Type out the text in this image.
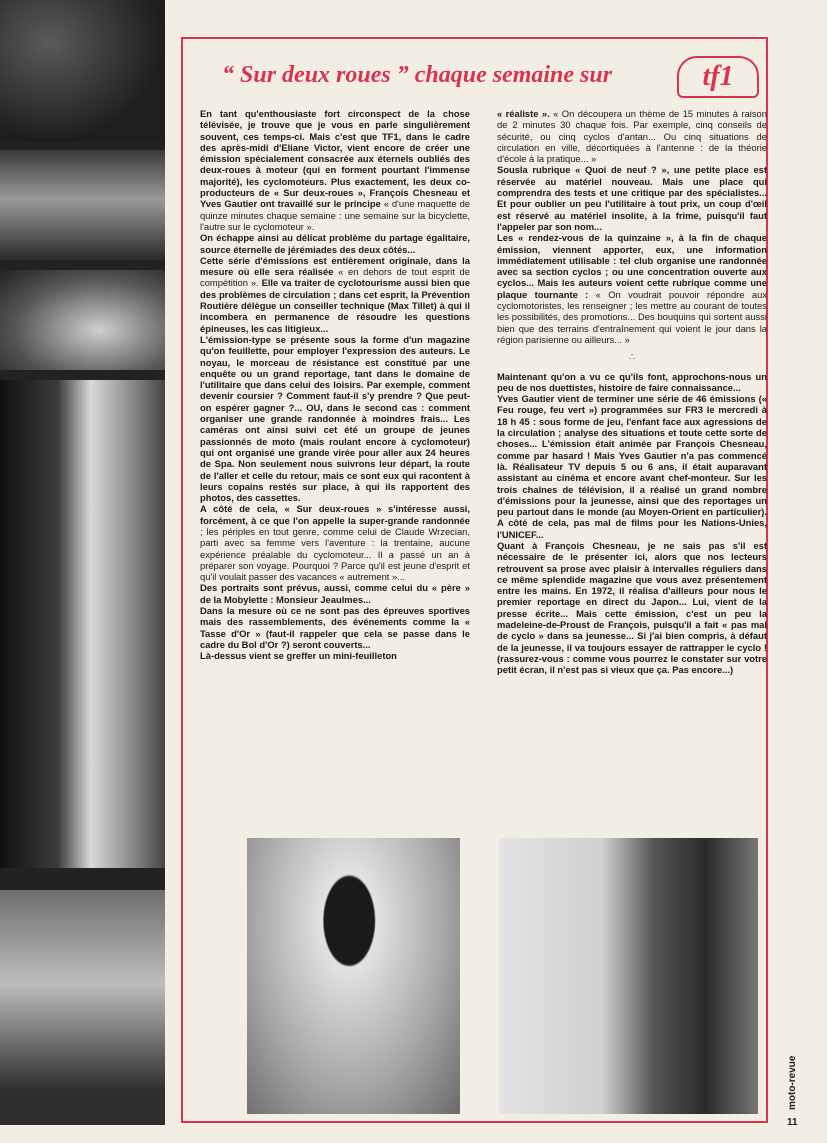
“ Sur deux roues ” chaque semaine sur	tf1

En tant qu'enthousiaste fort circonspect de la chose télévisée, je trouve que je vous en parle singulièrement souvent, ces temps-ci. Mais c'est que TF1, dans le cadre des après-midi d'Eliane Victor, vient encore de créer une émission spécialement consacrée aux éternels oubliés des deux-roues à moteur (qui en forment pourtant l'immense majorité), les cyclomoteurs. Plus exactement, les deux co-producteurs de « Sur deux-roues », François Chesneau et Yves Gautier ont travaillé sur le principe « d'une maquette de quinze minutes chaque semaine : une semaine sur la bicyclette, l'autre sur le cyclomoteur ».

On échappe ainsi au délicat problème du partage égalitaire, source éternelle de jérémiades des deux côtés...

Cette série d'émissions est entièrement originale, dans la mesure où elle sera réalisée « en dehors de tout esprit de compétition ». Elle va traiter de cyclotourisme aussi bien que des problèmes de circulation ; dans cet esprit, la Prévention Routière délègue un conseiller technique (Max Tillet) à qui il incombera en permanence de résoudre les questions épineuses, les cas litigieux...

L'émission-type se présente sous la forme d'un magazine qu'on feuillette, pour employer l'expression des auteurs. Le noyau, le morceau de résistance est constitué par une enquête ou un grand reportage, tant dans le domaine de l'utilitaire que dans celui des loisirs. Par exemple, comment devenir coursier ? Comment faut-il s'y prendre ? Que peut-on espérer gagner ?... OU, dans le second cas : comment organiser une grande randonnée à moindres frais... Les caméras ont ainsi suivi cet été un groupe de jeunes passionnés de moto (mais roulant encore à cyclomoteur) qui ont organisé une grande virée pour aller aux 24 heures de Spa. Non seulement nous suivrons leur départ, la route de l'aller et celle du retour, mais ce sont eux qui racontent à leurs copains restés sur place, à qui ils rapportent des photos, des cassettes.

A côté de cela, « Sur deux-roues » s'intéresse aussi, forcément, à ce que l'on appelle la super-grande randonnée ; les périples en tout genre, comme celui de Claude Wrzecian, parti avec sa femme vers l'aventure : la trentaine, aucune expérience préalable du cyclomoteur... Il a passé un an à préparer son voyage. Pourquoi ? Parce qu'il est jeune d'esprit et qu'il voulait passer des vacances « autrement »...

Des portraits sont prévus, aussi, comme celui du « père » de la Mobylette : Monsieur Jeaulmes...

Dans la mesure où ce ne sont pas des épreuves sportives mais des rassemblements, des événements comme la « Tasse d'Or » (faut-il rappeler que cela se passe dans le cadre du Bol d'Or ?) seront couverts...

Là-dessus vient se greffer un mini-feuilleton

« réaliste ». « On découpera un thème de 15 minutes à raison de 2 minutes 30 chaque fois. Par exemple, cinq conseils de sécurité, ou cinq cyclos d'antan... Ou cinq situations de circulation en ville, décortiquées à l'antenne : de la théorie d'école à la pratique... »

Sousla rubrique « Quoi de neuf ? », une petite place est réservée au matériel nouveau. Mais une place qui comprendra des tests et une critique par des spécialistes... Et pour oublier un peu l'utilitaire à tout prix, un coup d'œil est réservé au matériel insolite, à la frime, puisqu'il faut l'appeler par son nom...

Les « rendez-vous de la quinzaine », à la fin de chaque émission, viennent apporter, eux, une information immédiatement utilisable : tel club organise une randonnée avec sa section cyclos ; ou une concentration ouverte aux cyclos... Mais les auteurs voient cette rubrique comme une plaque tournante : « On voudrait pouvoir répondre aux cyclomotoristes, les renseigner ; les mettre au courant de toutes les possibilités, des promotions... Des bouquins qui sortent aussi bien que des terrains d'entraînement qui voient le jour dans la région parisienne ou ailleurs... »

∴

Maintenant qu'on a vu ce qu'ils font, approchons-nous un peu de nos duettistes, histoire de faire connaissance...

Yves Gautier vient de terminer une série de 46 émissions (« Feu rouge, feu vert ») programmées sur FR3 le mercredi à 18 h 45 : sous forme de jeu, l'enfant face aux agressions de la circulation ; analyse des situations et toute cette sorte de choses... L'émission était animée par François Chesneau, comme par hasard ! Mais Yves Gautier n'a pas commencé là. Réalisateur TV depuis 5 ou 6 ans, il était auparavant assistant au cinéma et encore avant chef-monteur. Sur les trois chaînes de télévision, il a réalisé un grand nombre d'émissions pour la jeunesse, ainsi que des reportages un peu partout dans le monde (au Moyen-Orient en particulier). A côté de cela, pas mal de films pour les Nations-Unies, l'UNICEF...

Quant à François Chesneau, je ne sais pas s'il est nécessaire de le présenter ici, alors que nos lecteurs retrouvent sa prose avec plaisir à intervalles réguliers dans ce même splendide magazine que vous avez présentement entre les mains. En 1972, il réalisa d'ailleurs pour nous le premier reportage en direct du Japon... Lui, vient de la presse écrite... Mais cette émission, c'est un peu la madeleine-de-Proust de François, puisqu'il a fait « pas mal de cyclo » dans sa jeunesse... Si j'ai bien compris, à défaut de la jeunesse, il va toujours essayer de rattrapper le cyclo ! (rassurez-vous : comme vous pourrez le constater sur votre petit écran, il n'est pas si vieux que ça. Pas encore...)

moto-revue
11
